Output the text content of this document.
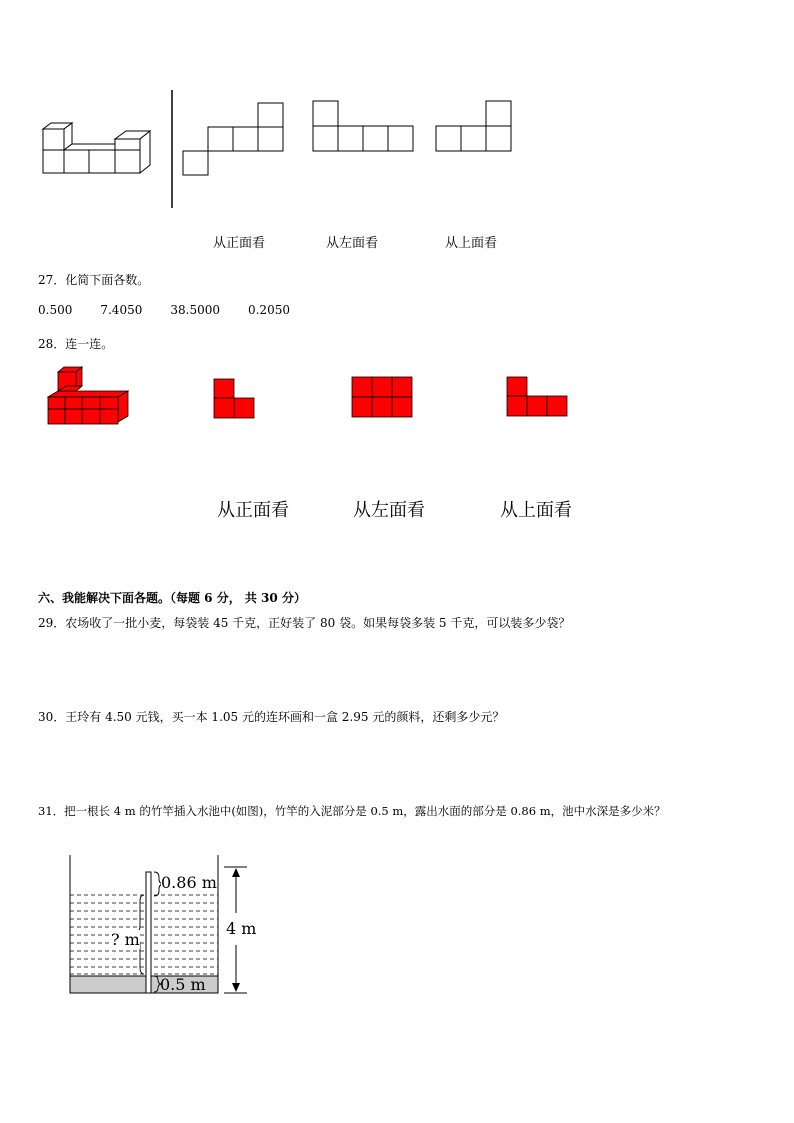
从正面看	从左面看	从上面看
27．化简下面各数。
0.500 7.4050 38.5000 0.2050
28．连一连。
从正面看	从左面看	从上面看
六、我能解决下面各题。（每题 6 分， 共 30 分）
29．农场收了一批小麦，每袋装 45 千克，正好装了 80 袋。如果每袋多装 5 千克，可以装多少袋？
30．王玲有 4.50 元钱，买一本 1.05 元的连环画和一盒 2.95 元的颜料，还剩多少元？
31．把一根长 4 m 的竹竿插入水池中(如图)，竹竿的入泥部分是 0.5 m，露出水面的部分是 0.86 m，池中水深是多少米？
0.86 m
? m
4 m
0.5 m
